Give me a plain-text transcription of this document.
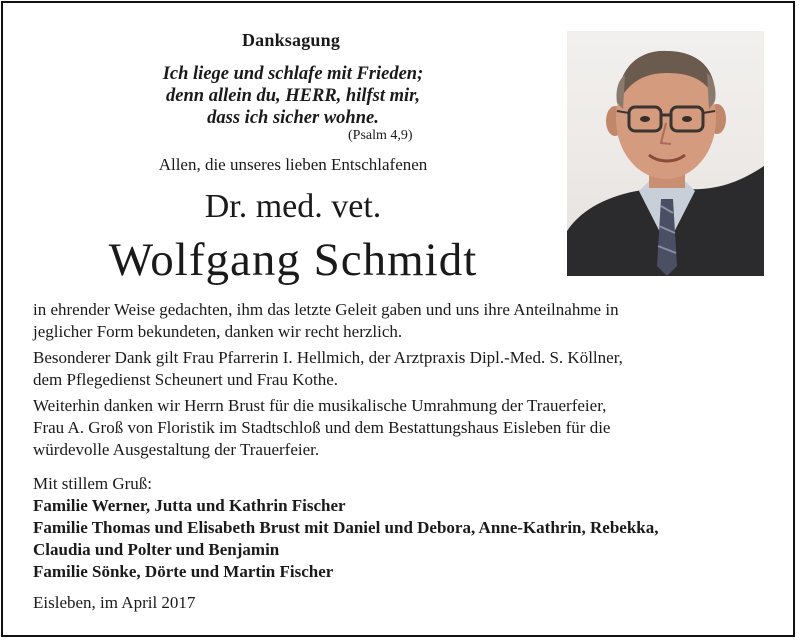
Danksagung
Ich liege und schlafe mit Frieden;
denn allein du, HERR, hilfst mir,
dass ich sicher wohne.
(Psalm 4,9)
Allen, die unseres lieben Entschlafenen
Dr. med. vet.
Wolfgang Schmidt
in ehrender Weise gedachten, ihm das letzte Geleit gaben und uns ihre Anteilnahme in
jeglicher Form bekundeten, danken wir recht herzlich.
Besonderer Dank gilt Frau Pfarrerin I. Hellmich, der Arztpraxis Dipl.-Med. S. Köllner,
dem Pflegedienst Scheunert und Frau Kothe.
Weiterhin danken wir Herrn Brust für die musikalische Umrahmung der Trauerfeier,
Frau A. Groß von Floristik im Stadtschloß und dem Bestattungshaus Eisleben für die
würdevolle Ausgestaltung der Trauerfeier.
Mit stillem Gruß:
Familie Werner, Jutta und Kathrin Fischer
Familie Thomas und Elisabeth Brust mit Daniel und Debora, Anne-Kathrin, Rebekka,
Claudia und Polter und Benjamin
Familie Sönke, Dörte und Martin Fischer
Eisleben, im April 2017
